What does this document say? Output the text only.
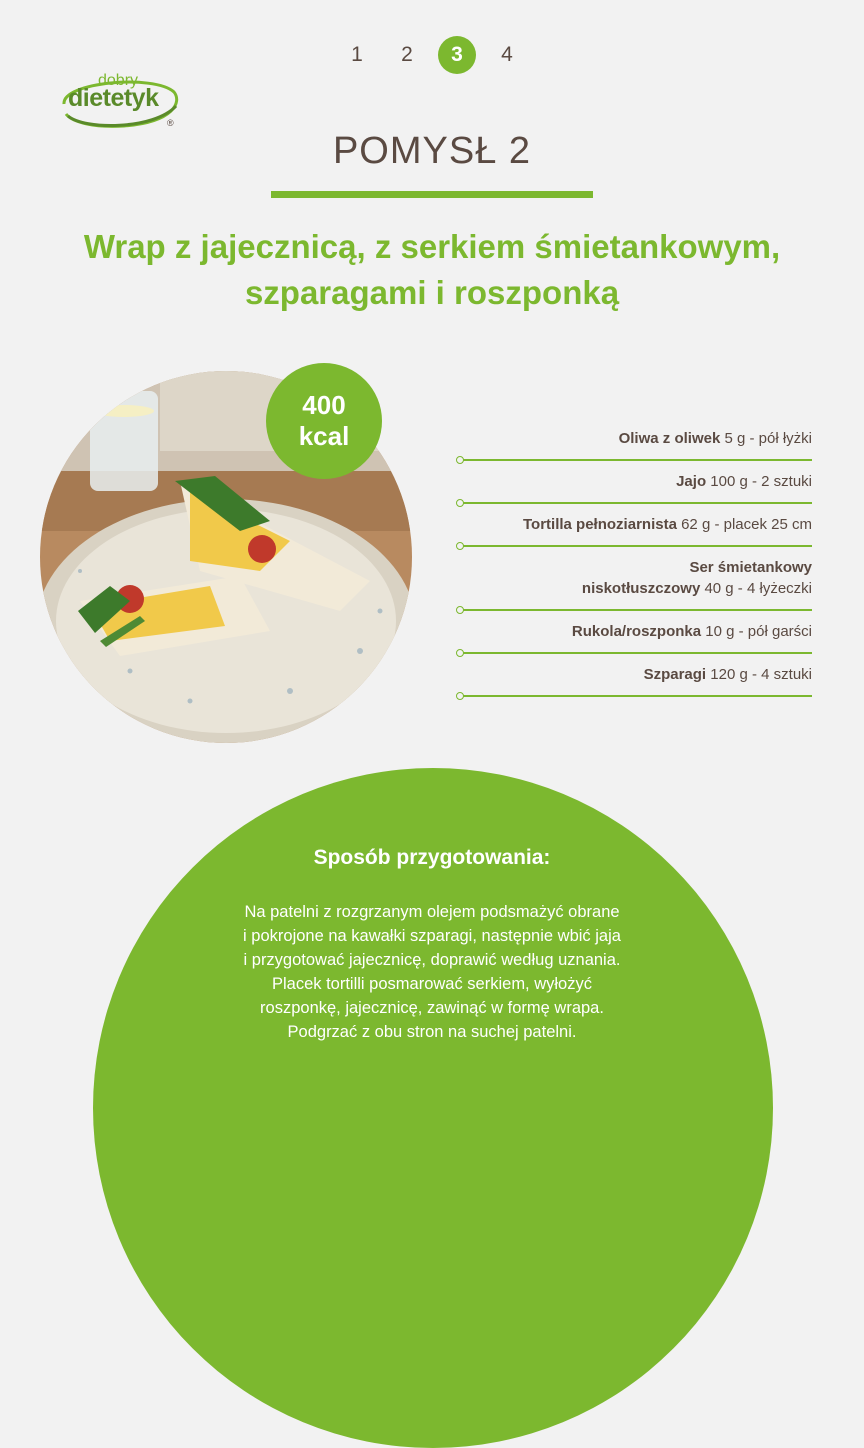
1	2	3	4
dobry
dietetyk
®
POMYSŁ 2
Wrap z jajecznicą, z serkiem śmietankowym,
szparagami i roszponką
400
kcal	Oliwa z oliwek 5 g - pół łyżki
Jajo 100 g - 2 sztuki
Tortilla pełnoziarnista 62 g - placek 25 cm
Ser śmietankowy
niskotłuszczowy 40 g - 4 łyżeczki
Rukola/roszponka 10 g - pół garści
Szparagi 120 g - 4 sztuki
Sposób przygotowania:
Na patelni z rozgrzanym olejem podsmażyć obrane
i pokrojone na kawałki szparagi, następnie wbić jaja
i przygotować jajecznicę, doprawić według uznania.
Placek tortilli posmarować serkiem, wyłożyć
roszponkę, jajecznicę, zawinąć w formę wrapa.
Podgrzać z obu stron na suchej patelni.
